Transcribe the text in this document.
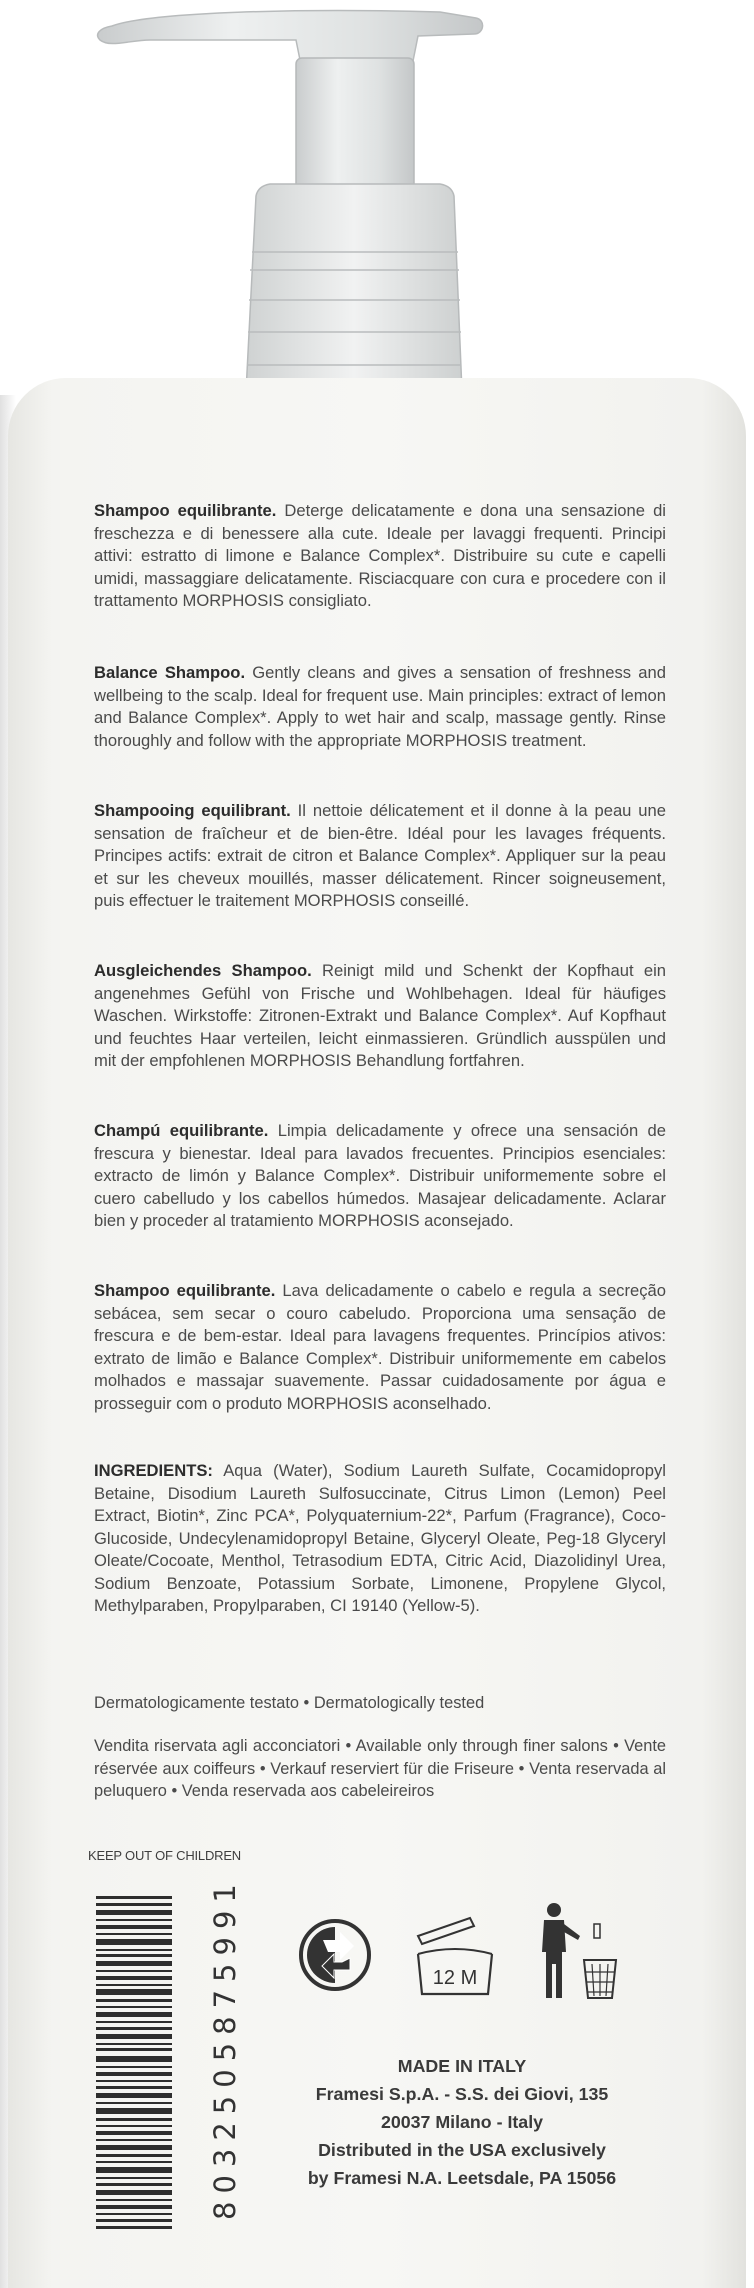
Shampoo equilibrante. Deterge delicatamente e dona una sensazione di freschezza e di benessere alla cute. Ideale per lavaggi frequenti. Principi attivi: estratto di limone e Balance Complex*. Distribuire su cute e capelli umidi, massaggiare delicatamente. Risciacquare con cura e procedere con il trattamento MORPHOSIS consigliato.
Balance Shampoo. Gently cleans and gives a sensation of freshness and wellbeing to the scalp. Ideal for frequent use. Main principles: extract of lemon and Balance Complex*. Apply to wet hair and scalp, massage gently. Rinse thoroughly and follow with the appropriate MORPHOSIS treatment.
Shampooing equilibrant. Il nettoie délicatement et il donne à la peau une sensation de fraîcheur et de bien-être. Idéal pour les lavages fréquents. Principes actifs: extrait de citron et Balance Complex*. Appliquer sur la peau et sur les cheveux mouillés, masser délicatement. Rincer soigneusement, puis effectuer le traitement MORPHOSIS conseillé.
Ausgleichendes Shampoo. Reinigt mild und Schenkt der Kopfhaut ein angenehmes Gefühl von Frische und Wohlbehagen. Ideal für häufiges Waschen. Wirkstoffe: Zitronen-Extrakt und Balance Complex*. Auf Kopfhaut und feuchtes Haar verteilen, leicht einmassieren. Gründlich ausspülen und mit der empfohlenen MORPHOSIS Behandlung fortfahren.
Champú equilibrante. Limpia delicadamente y ofrece una sensación de frescura y bienestar. Ideal para lavados frecuentes. Principios esenciales: extracto de limón y Balance Complex*. Distribuir uniformemente sobre el cuero cabelludo y los cabellos húmedos. Masajear delicadamente. Aclarar bien y proceder al tratamiento MORPHOSIS aconsejado.
Shampoo equilibrante. Lava delicadamente o cabelo e regula a secreção sebácea, sem secar o couro cabeludo. Proporciona uma sensação de frescura e de bem-estar. Ideal para lavagens frequentes. Princípios ativos: extrato de limão e Balance Complex*. Distribuir uniformemente em cabelos molhados e massajar suavemente. Passar cuidadosamente por água e prosseguir com o produto MORPHOSIS aconselhado.
INGREDIENTS: Aqua (Water), Sodium Laureth Sulfate, Cocamidopropyl Betaine, Disodium Laureth Sulfosuccinate, Citrus Limon (Lemon) Peel Extract, Biotin*, Zinc PCA*, Polyquaternium-22*, Parfum (Fragrance), Coco-Glucoside, Undecylenamidopropyl Betaine, Glyceryl Oleate, Peg-18 Glyceryl Oleate/Cocoate, Menthol, Tetrasodium EDTA, Citric Acid, Diazolidinyl Urea, Sodium Benzoate, Potassium Sorbate, Limonene, Propylene Glycol, Methylparaben, Propylparaben, CI 19140 (Yellow-5).
Dermatologicamente testato • Dermatologically tested
Vendita riservata agli acconciatori • Available only through finer salons • Vente réservée aux coiffeurs • Verkauf reserviert für die Friseure • Venta reservada al peluquero • Venda reservada aos cabeleireiros
KEEP OUT OF CHILDREN
8032505875991	12 M
MADE IN ITALY
Framesi S.p.A. - S.S. dei Giovi, 135
20037 Milano - Italy
Distributed in the USA exclusively
by Framesi N.A. Leetsdale, PA 15056
